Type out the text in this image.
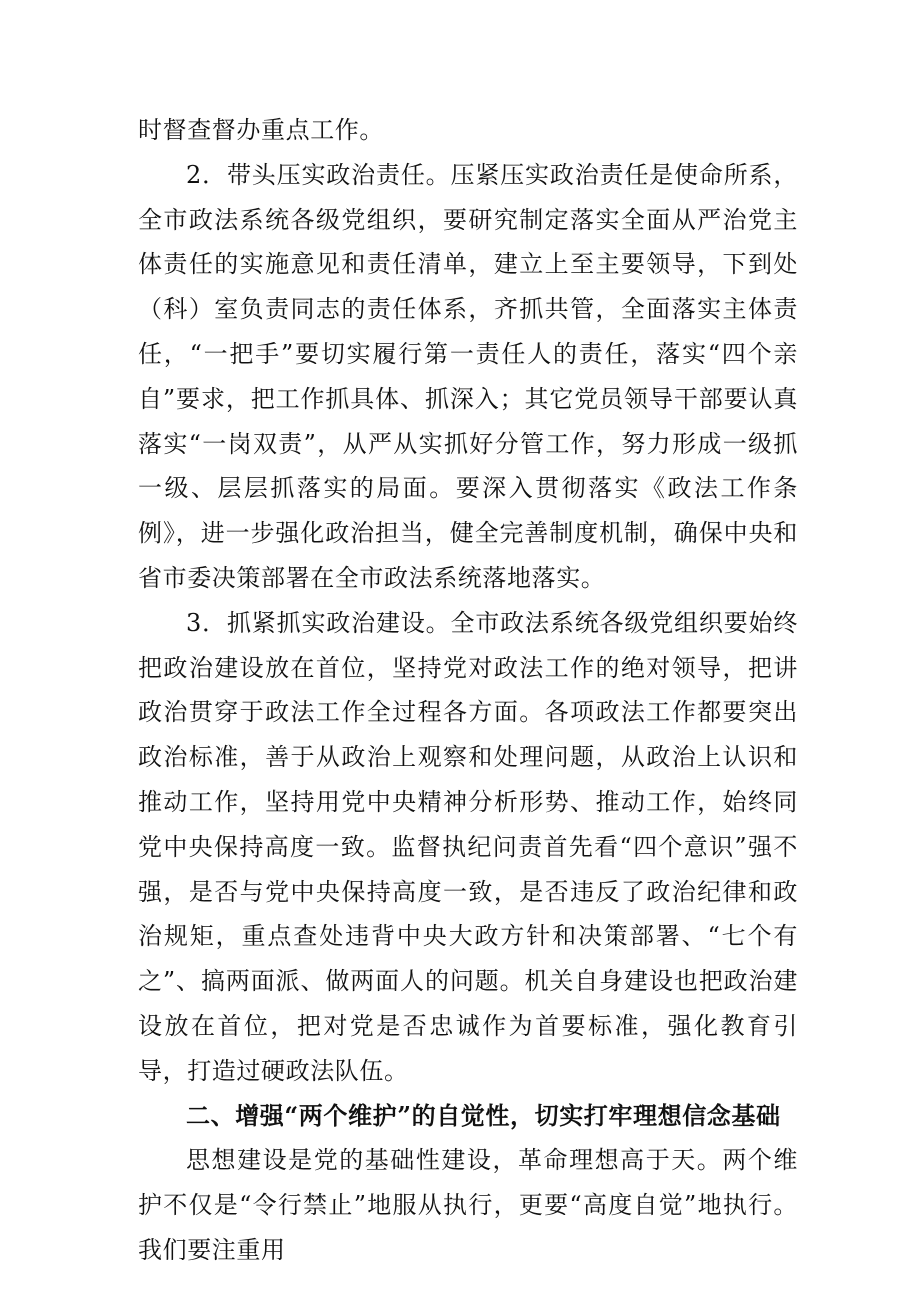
时督查督办重点工作。

2．带头压实政治责任。压紧压实政治责任是使命所系，全市政法系统各级党组织，要研究制定落实全面从严治党主体责任的实施意见和责任清单，建立上至主要领导，下到处（科）室负责同志的责任体系，齐抓共管，全面落实主体责任，“一把手”要切实履行第一责任人的责任，落实“四个亲自”要求，把工作抓具体、抓深入；其它党员领导干部要认真落实“一岗双责”，从严从实抓好分管工作，努力形成一级抓一级、层层抓落实的局面。要深入贯彻落实《政法工作条例》，进一步强化政治担当，健全完善制度机制，确保中央和省市委决策部署在全市政法系统落地落实。

3．抓紧抓实政治建设。全市政法系统各级党组织要始终把政治建设放在首位，坚持党对政法工作的绝对领导，把讲政治贯穿于政法工作全过程各方面。各项政法工作都要突出政治标准，善于从政治上观察和处理问题，从政治上认识和推动工作，坚持用党中央精神分析形势、推动工作，始终同党中央保持高度一致。监督执纪问责首先看“四个意识”强不强，是否与党中央保持高度一致，是否违反了政治纪律和政治规矩，重点查处违背中央大政方针和决策部署、“七个有之”、搞两面派、做两面人的问题。机关自身建设也把政治建设放在首位，把对党是否忠诚作为首要标准，强化教育引导，打造过硬政法队伍。

二、增强“两个维护”的自觉性，切实打牢理想信念基础

思想建设是党的基础性建设，革命理想高于天。两个维护不仅是“令行禁止”地服从执行，更要“高度自觉”地执行。我们要注重用
